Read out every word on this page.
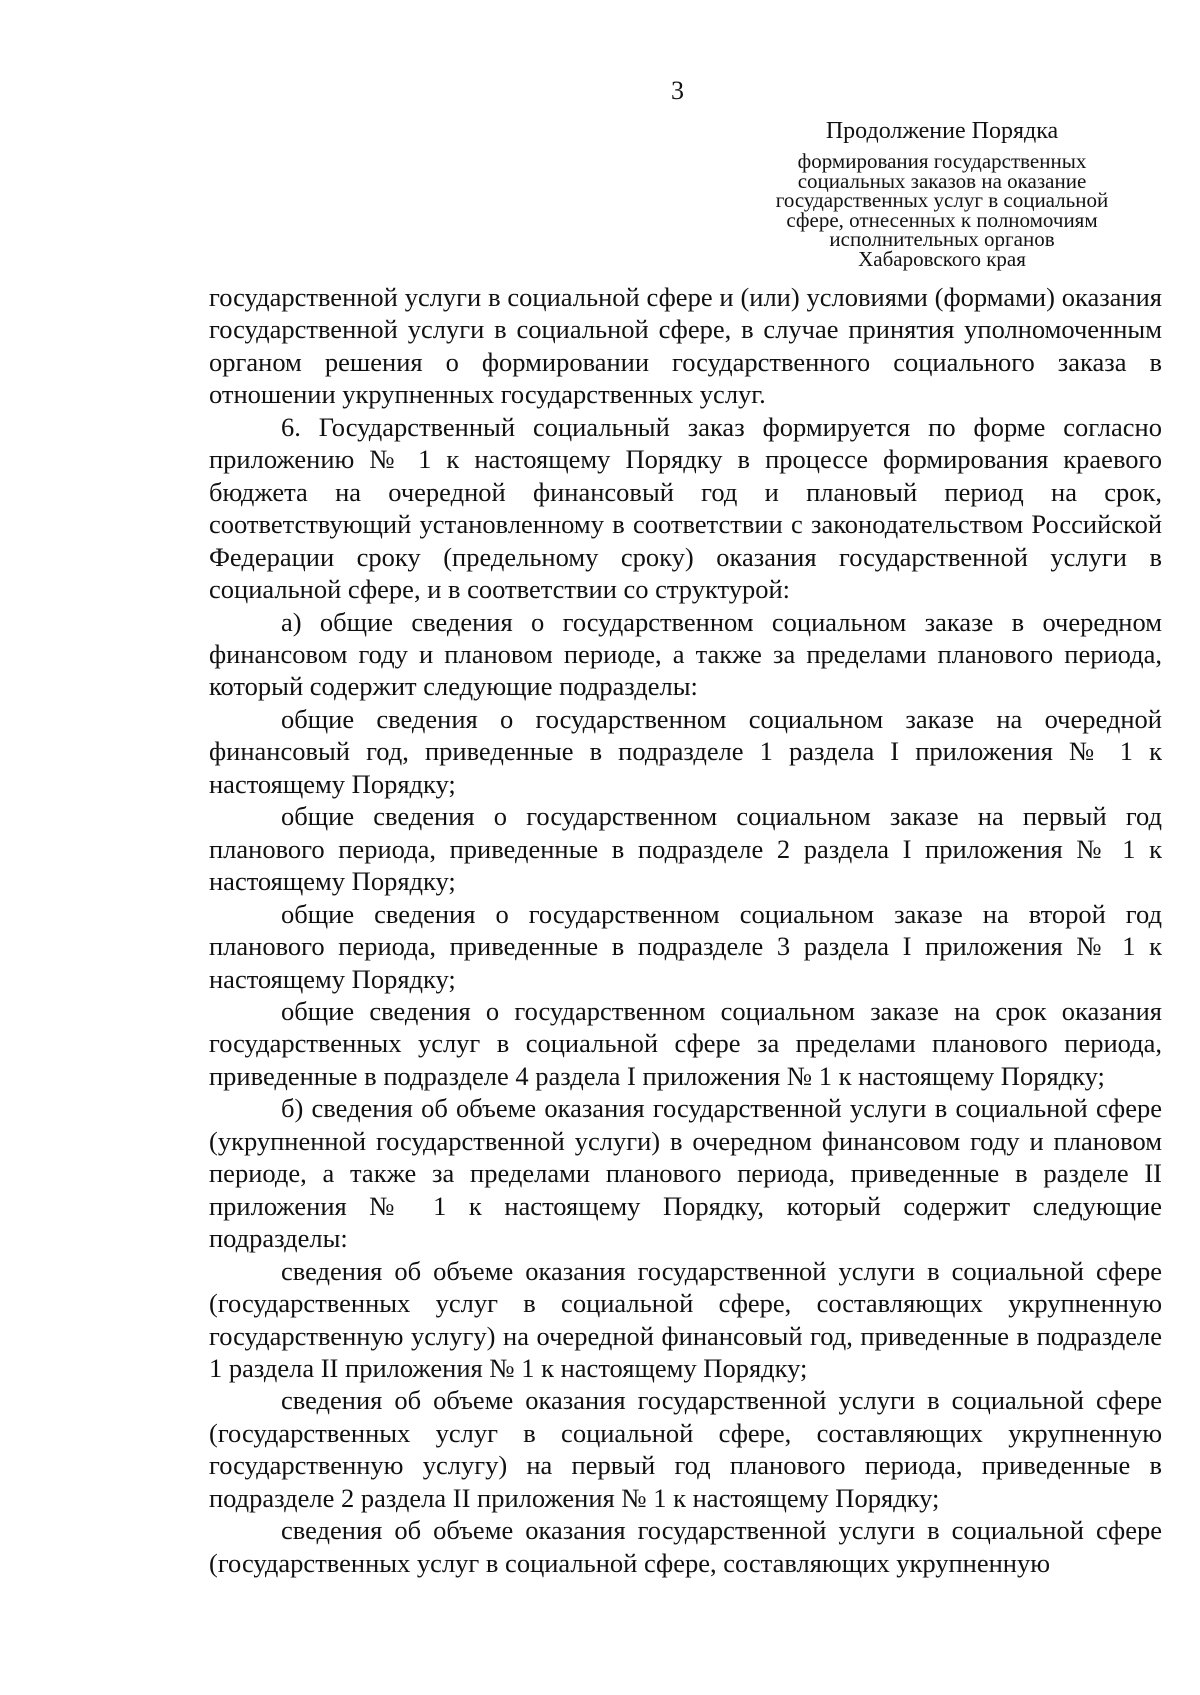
3
Продолжение Порядка
формирования государственных
социальных заказов на оказание
государственных услуг в социальной
сфере, отнесенных к полномочиям
исполнительных органов
Хабаровского края

государственной услуги в социальной сфере и (или) условиями (формами) оказания государственной услуги в социальной сфере, в случае принятия уполномоченным органом решения о формировании государственного социального заказа в отношении укрупненных государственных услуг.

6. Государственный социальный заказ формируется по форме согласно приложению № 1 к настоящему Порядку в процессе формирования краевого бюджета на очередной финансовый год и плановый период на срок, соответствующий установленному в соответствии с законодательством Российской Федерации сроку (предельному сроку) оказания государственной услуги в социальной сфере, и в соответствии со структурой:

а) общие сведения о государственном социальном заказе в очередном финансовом году и плановом периоде, а также за пределами планового периода, который содержит следующие подразделы:

общие сведения о государственном социальном заказе на очередной финансовый год, приведенные в подразделе 1 раздела I приложения № 1 к настоящему Порядку;

общие сведения о государственном социальном заказе на первый год планового периода, приведенные в подразделе 2 раздела I приложения № 1 к настоящему Порядку;

общие сведения о государственном социальном заказе на второй год планового периода, приведенные в подразделе 3 раздела I приложения № 1 к настоящему Порядку;

общие сведения о государственном социальном заказе на срок оказания государственных услуг в социальной сфере за пределами планового периода, приведенные в подразделе 4 раздела I приложения № 1 к настоящему Порядку;

б) сведения об объеме оказания государственной услуги в социальной сфере (укрупненной государственной услуги) в очередном финансовом году и плановом периоде, а также за пределами планового периода, приведенные в разделе II приложения № 1 к настоящему Порядку, который содержит следующие подразделы:

сведения об объеме оказания государственной услуги в социальной сфере (государственных услуг в социальной сфере, составляющих укрупненную государственную услугу) на очередной финансовый год, приведенные в подразделе 1 раздела II приложения № 1 к настоящему Порядку;

сведения об объеме оказания государственной услуги в социальной сфере (государственных услуг в социальной сфере, составляющих укрупненную государственную услугу) на первый год планового периода, приведенные в подразделе 2 раздела II приложения № 1 к настоящему Порядку;

сведения об объеме оказания государственной услуги в социальной сфере (государственных услуг в социальной сфере, составляющих укрупненную
